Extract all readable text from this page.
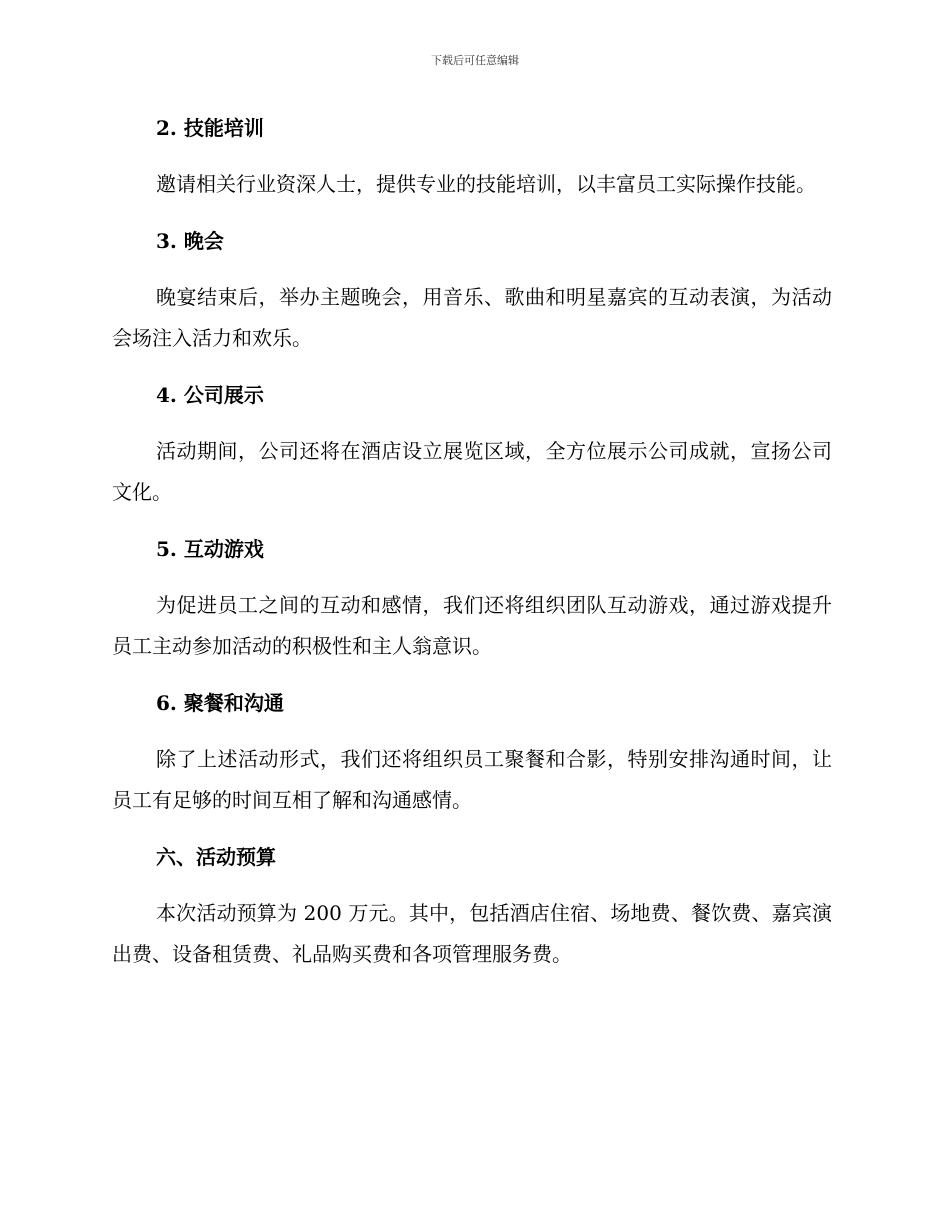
下载后可任意编辑
2. 技能培训

邀请相关行业资深人士，提供专业的技能培训，以丰富员工实际操作技能。

3. 晚会

晚宴结束后，举办主题晚会，用音乐、歌曲和明星嘉宾的互动表演，为活动会场注入活力和欢乐。

4. 公司展示

活动期间，公司还将在酒店设立展览区域，全方位展示公司成就，宣扬公司文化。

5. 互动游戏

为促进员工之间的互动和感情，我们还将组织团队互动游戏，通过游戏提升员工主动参加活动的积极性和主人翁意识。

6. 聚餐和沟通

除了上述活动形式，我们还将组织员工聚餐和合影，特别安排沟通时间，让员工有足够的时间互相了解和沟通感情。

六、活动预算

本次活动预算为 200 万元。其中，包括酒店住宿、场地费、餐饮费、嘉宾演出费、设备租赁费、礼品购买费和各项管理服务费。
